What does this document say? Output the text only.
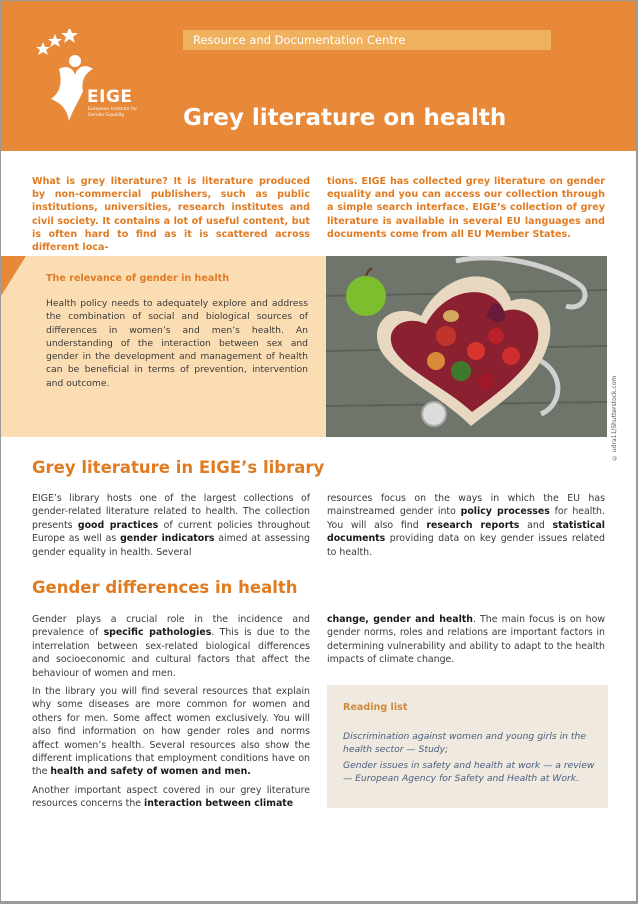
Resource and Documentation Centre
EIGE
European Institute for Gender Equality	Grey literature on health
What is grey literature? It is literature produced by non-commercial publishers, such as public institutions, universities, research institutes and civil society. It contains a lot of useful content, but is often hard to find as it is scattered across different loca-
tions. EIGE has collected grey literature on gender equality and you can access our collection through a simple search interface. EIGE’s collection of grey literature is available in several EU languages and documents come from all EU Member States.
The relevance of gender in health
Health policy needs to adequately explore and address the combination of social and biological sources of differences in women’s and men’s health. An understanding of the interaction between sex and gender in the development and management of health can be beneficial in terms of prevention, intervention and outcome.	© udra11/Shutterstock.com
Grey literature in EIGE’s library
EIGE’s library hosts one of the largest collections of gender-related literature related to health. The collection presents good practices of current policies throughout Europe as well as gender indicators aimed at assessing gender equality in health. Several
resources focus on the ways in which the EU has mainstreamed gender into policy processes for health. You will also find research reports and statistical documents providing data on key gender issues related to health.
Gender differences in health

Gender plays a crucial role in the incidence and prevalence of specific pathologies. This is due to the interrelation between sex-related biological differences and socioeconomic and cultural factors that affect the behaviour of women and men.

In the library you will find several resources that explain why some diseases are more common for women and others for men. Some affect women exclusively. You will also find information on how gender roles and norms affect women’s health. Several resources also show the different implications that employment conditions have on the health and safety of women and men.

Another important aspect covered in our grey literature resources concerns the interaction between climate

change, gender and health. The main focus is on how gender norms, roles and relations are important factors in determining vulnerability and ability to adapt to the health impacts of climate change.
Reading list
Discrimination against women and young girls in the health sector — Study;
Gender issues in safety and health at work — a review — European Agency for Safety and Health at Work.
